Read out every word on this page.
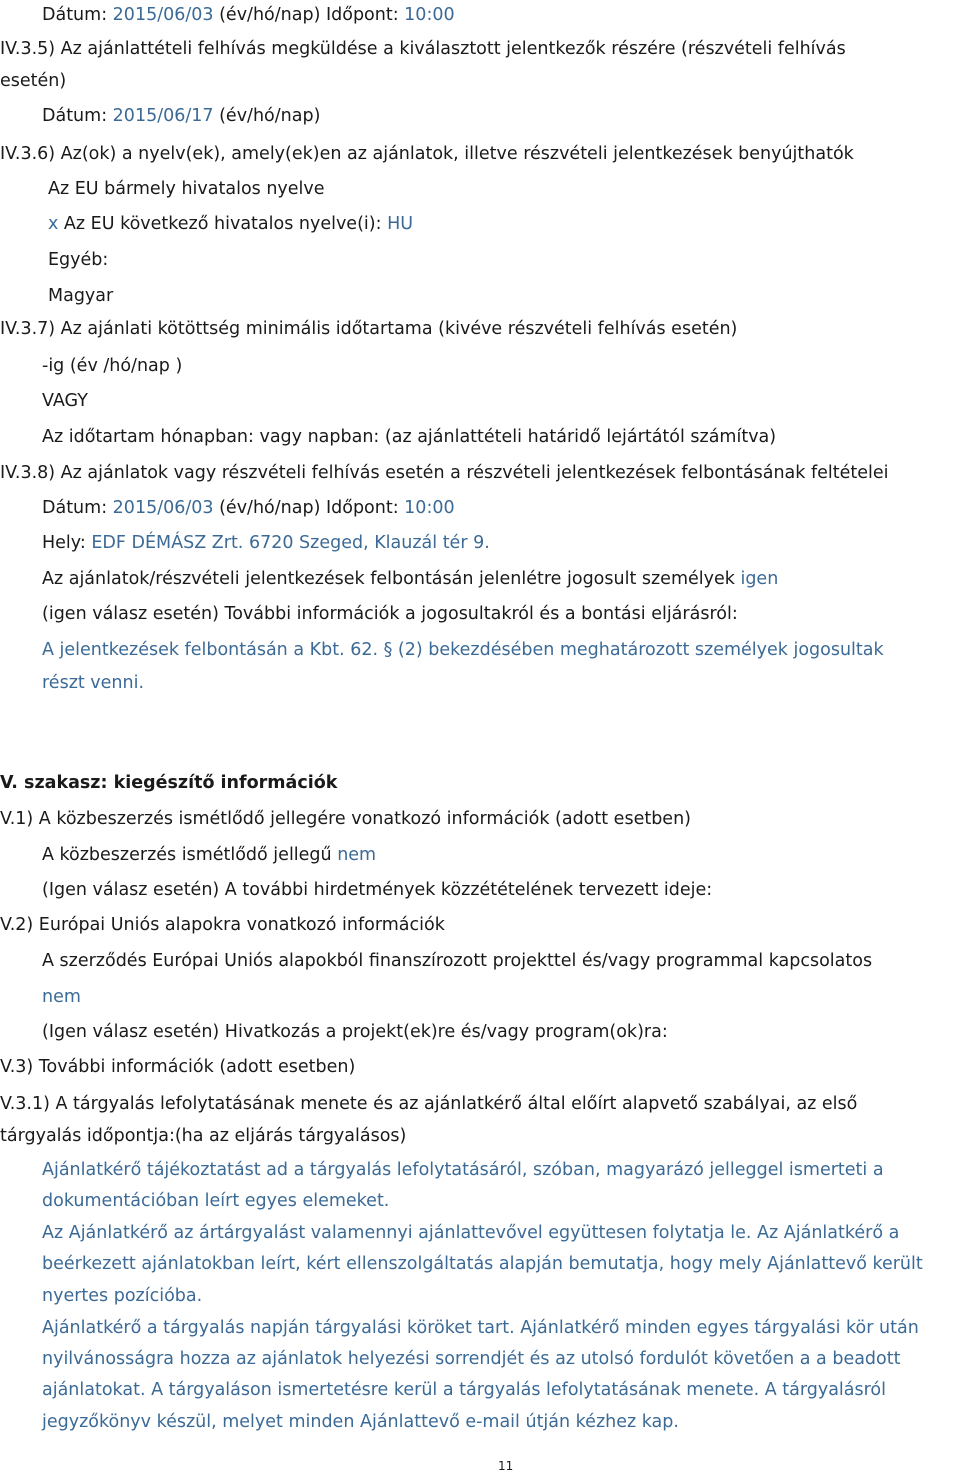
Dátum: 2015/06/03 (év/hó/nap) Időpont: 10:00
IV.3.5) Az ajánlattételi felhívás megküldése a kiválasztott jelentkezők részére (részvételi felhívás
esetén)
Dátum: 2015/06/17 (év/hó/nap)
IV.3.6) Az(ok) a nyelv(ek), amely(ek)en az ajánlatok, illetve részvételi jelentkezések benyújthatók
Az EU bármely hivatalos nyelve
x Az EU következő hivatalos nyelve(i): HU
Egyéb:
Magyar
IV.3.7) Az ajánlati kötöttség minimális időtartama (kivéve részvételi felhívás esetén)
-ig (év /hó/nap )
VAGY
Az időtartam hónapban: vagy napban: (az ajánlattételi határidő lejártától számítva)
IV.3.8) Az ajánlatok vagy részvételi felhívás esetén a részvételi jelentkezések felbontásának feltételei
Dátum: 2015/06/03 (év/hó/nap) Időpont: 10:00
Hely: EDF DÉMÁSZ Zrt. 6720 Szeged, Klauzál tér 9.
Az ajánlatok/részvételi jelentkezések felbontásán jelenlétre jogosult személyek igen
(igen válasz esetén) További információk a jogosultakról és a bontási eljárásról:
A jelentkezések felbontásán a Kbt. 62. § (2) bekezdésében meghatározott személyek jogosultak
részt venni.
V. szakasz: kiegészítő információk
V.1) A közbeszerzés ismétlődő jellegére vonatkozó információk (adott esetben)
A közbeszerzés ismétlődő jellegű nem
(Igen válasz esetén) A további hirdetmények közzétételének tervezett ideje:
V.2) Európai Uniós alapokra vonatkozó információk
A szerződés Európai Uniós alapokból finanszírozott projekttel és/vagy programmal kapcsolatos
nem
(Igen válasz esetén) Hivatkozás a projekt(ek)re és/vagy program(ok)ra:
V.3) További információk (adott esetben)
V.3.1) A tárgyalás lefolytatásának menete és az ajánlatkérő által előírt alapvető szabályai, az első
tárgyalás időpontja:(ha az eljárás tárgyalásos)
Ajánlatkérő tájékoztatást ad a tárgyalás lefolytatásáról, szóban, magyarázó jelleggel ismerteti a
dokumentációban leírt egyes elemeket.
Az Ajánlatkérő az ártárgyalást valamennyi ajánlattevővel együttesen folytatja le. Az Ajánlatkérő a
beérkezett ajánlatokban leírt, kért ellenszolgáltatás alapján bemutatja, hogy mely Ajánlattevő került
nyertes pozícióba.
Ajánlatkérő a tárgyalás napján tárgyalási köröket tart. Ajánlatkérő minden egyes tárgyalási kör után
nyilvánosságra hozza az ajánlatok helyezési sorrendjét és az utolsó fordulót követően a a beadott
ajánlatokat. A tárgyaláson ismertetésre kerül a tárgyalás lefolytatásának menete. A tárgyalásról
jegyzőkönyv készül, melyet minden Ajánlattevő e-mail útján kézhez kap.
11
